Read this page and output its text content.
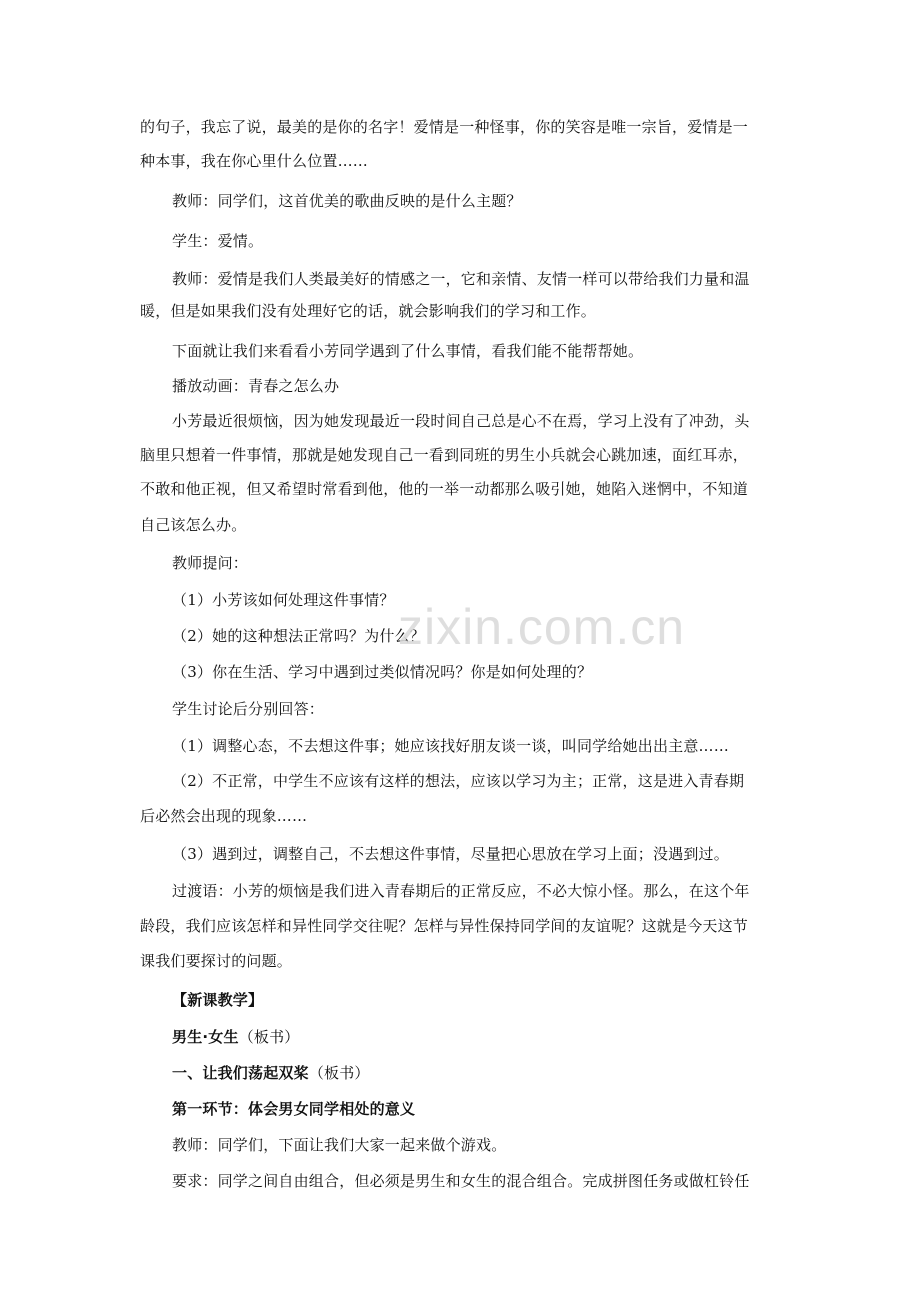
的句子，我忘了说，最美的是你的名字！爱情是一种怪事，你的笑容是唯一宗旨，爱情是一
种本事，我在你心里什么位置……
教师：同学们，这首优美的歌曲反映的是什么主题？
学生：爱情。
教师：爱情是我们人类最美好的情感之一，它和亲情、友情一样可以带给我们力量和温
暖，但是如果我们没有处理好它的话，就会影响我们的学习和工作。
下面就让我们来看看小芳同学遇到了什么事情，看我们能不能帮帮她。
播放动画：青春之怎么办
小芳最近很烦恼，因为她发现最近一段时间自己总是心不在焉，学习上没有了冲劲，头
脑里只想着一件事情，那就是她发现自己一看到同班的男生小兵就会心跳加速，面红耳赤，
不敢和他正视，但又希望时常看到他，他的一举一动都那么吸引她，她陷入迷惘中，不知道
自己该怎么办。
教师提问：
（1）小芳该如何处理这件事情？
（2）她的这种想法正常吗？为什么？
（3）你在生活、学习中遇到过类似情况吗？你是如何处理的？
学生讨论后分别回答：
（1）调整心态，不去想这件事；她应该找好朋友谈一谈，叫同学给她出出主意……
（2）不正常，中学生不应该有这样的想法，应该以学习为主；正常，这是进入青春期
后必然会出现的现象……
（3）遇到过，调整自己，不去想这件事情，尽量把心思放在学习上面；没遇到过。
过渡语：小芳的烦恼是我们进入青春期后的正常反应，不必大惊小怪。那么，在这个年
龄段，我们应该怎样和异性同学交往呢？怎样与异性保持同学间的友谊呢？这就是今天这节
课我们要探讨的问题。
【新课教学】
男生·女生（板书）
一、让我们荡起双桨（板书）
第一环节：体会男女同学相处的意义
教师：同学们，下面让我们大家一起来做个游戏。
要求：同学之间自由组合，但必须是男生和女生的混合组合。完成拼图任务或做杠铃任
zixin.com.cn
